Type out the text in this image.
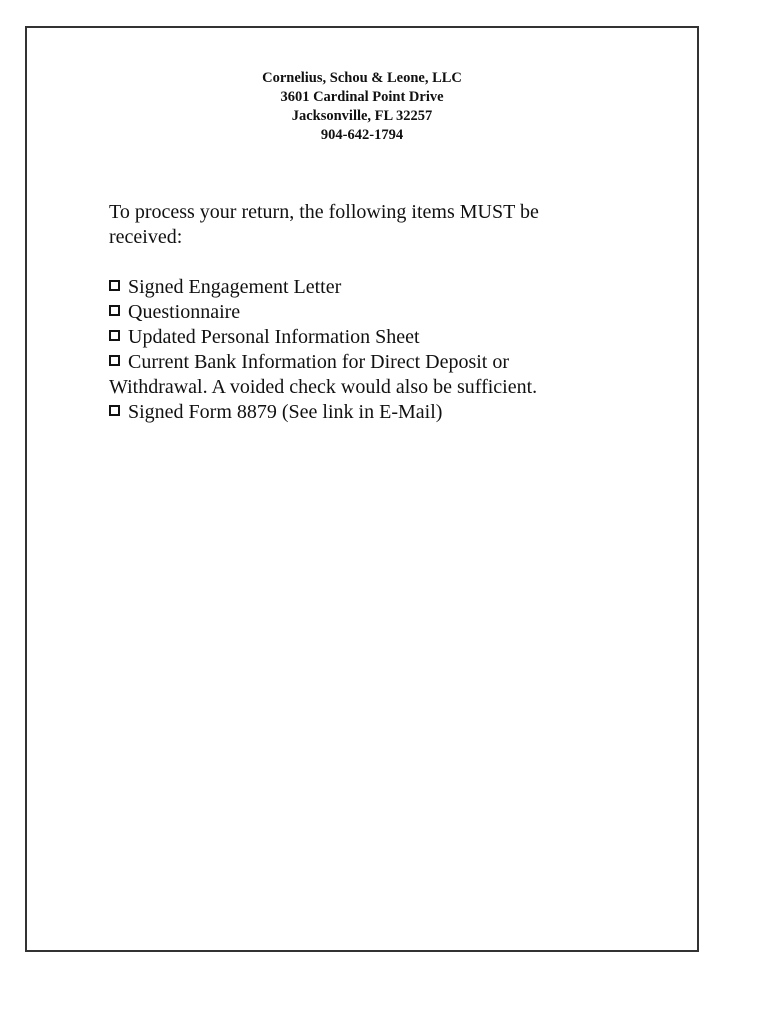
Cornelius, Schou & Leone, LLC
3601 Cardinal Point Drive
Jacksonville, FL 32257
904-642-1794

To process your return, the following items MUST be received:

Signed Engagement Letter
Questionnaire
Updated Personal Information Sheet
Current Bank Information for Direct Deposit or Withdrawal. A voided check would also be sufficient.
Signed Form 8879 (See link in E-Mail)
